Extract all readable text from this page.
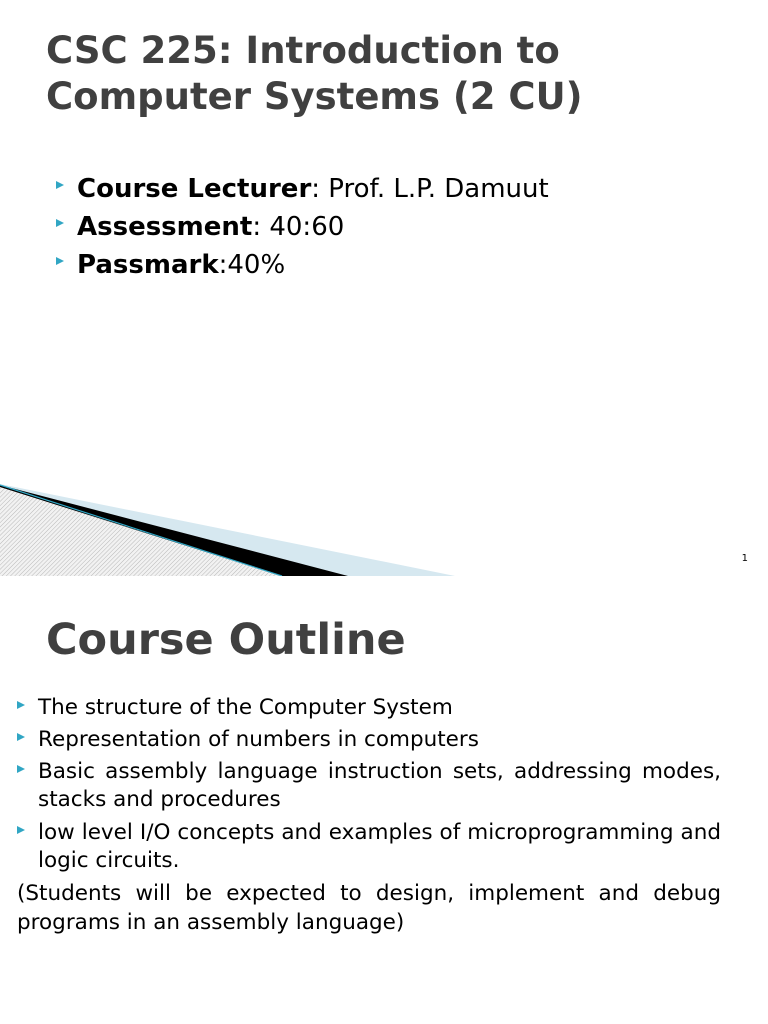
CSC 225: Introduction to Computer Systems (2 CU)
Course Lecturer: Prof. L.P. Damuut
Assessment: 40:60
Passmark:40%
1
Course Outline
The structure of the Computer System
Representation of numbers in computers
Basic assembly language instruction sets, addressing modes, stacks and procedures
low level I/O concepts and examples of microprogramming and logic circuits.

(Students will be expected to design, implement and debug programs in an assembly language)
